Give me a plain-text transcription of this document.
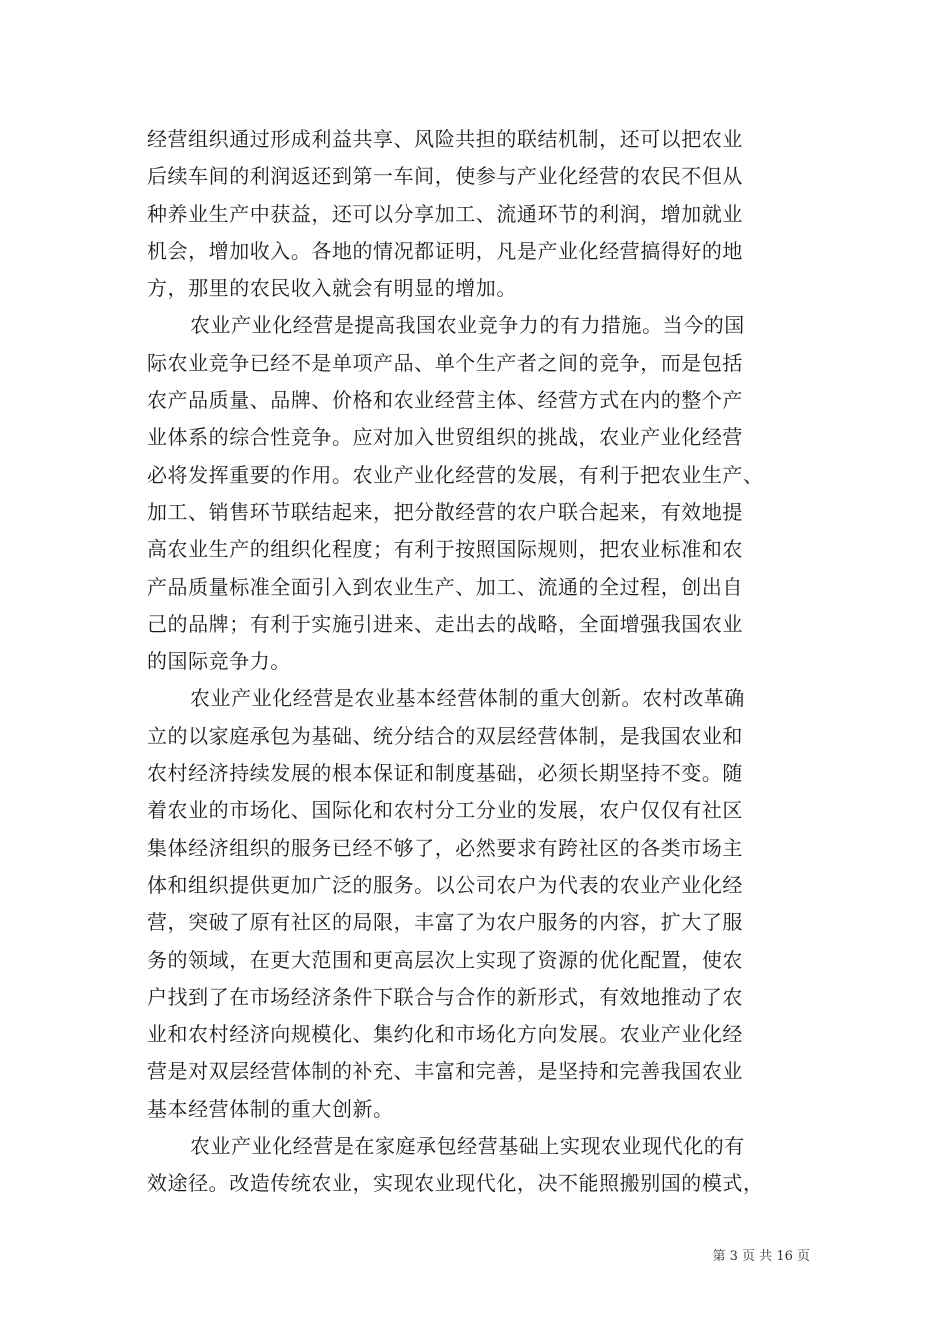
经营组织通过形成利益共享、风险共担的联结机制，还可以把农业
后续车间的利润返还到第一车间，使参与产业化经营的农民不但从
种养业生产中获益，还可以分享加工、流通环节的利润，增加就业
机会，增加收入。各地的情况都证明，凡是产业化经营搞得好的地
方，那里的农民收入就会有明显的增加。
农业产业化经营是提高我国农业竞争力的有力措施。当今的国
际农业竞争已经不是单项产品、单个生产者之间的竞争，而是包括
农产品质量、品牌、价格和农业经营主体、经营方式在内的整个产
业体系的综合性竞争。应对加入世贸组织的挑战，农业产业化经营
必将发挥重要的作用。农业产业化经营的发展，有利于把农业生产、
加工、销售环节联结起来，把分散经营的农户联合起来，有效地提
高农业生产的组织化程度；有利于按照国际规则，把农业标准和农
产品质量标准全面引入到农业生产、加工、流通的全过程，创出自
己的品牌；有利于实施引进来、走出去的战略，全面增强我国农业
的国际竞争力。
农业产业化经营是农业基本经营体制的重大创新。农村改革确
立的以家庭承包为基础、统分结合的双层经营体制，是我国农业和
农村经济持续发展的根本保证和制度基础，必须长期坚持不变。随
着农业的市场化、国际化和农村分工分业的发展，农户仅仅有社区
集体经济组织的服务已经不够了，必然要求有跨社区的各类市场主
体和组织提供更加广泛的服务。以公司农户为代表的农业产业化经
营，突破了原有社区的局限，丰富了为农户服务的内容，扩大了服
务的领域，在更大范围和更高层次上实现了资源的优化配置，使农
户找到了在市场经济条件下联合与合作的新形式，有效地推动了农
业和农村经济向规模化、集约化和市场化方向发展。农业产业化经
营是对双层经营体制的补充、丰富和完善，是坚持和完善我国农业
基本经营体制的重大创新。
农业产业化经营是在家庭承包经营基础上实现农业现代化的有
效途径。改造传统农业，实现农业现代化，决不能照搬别国的模式，
第 3 页 共 16 页
